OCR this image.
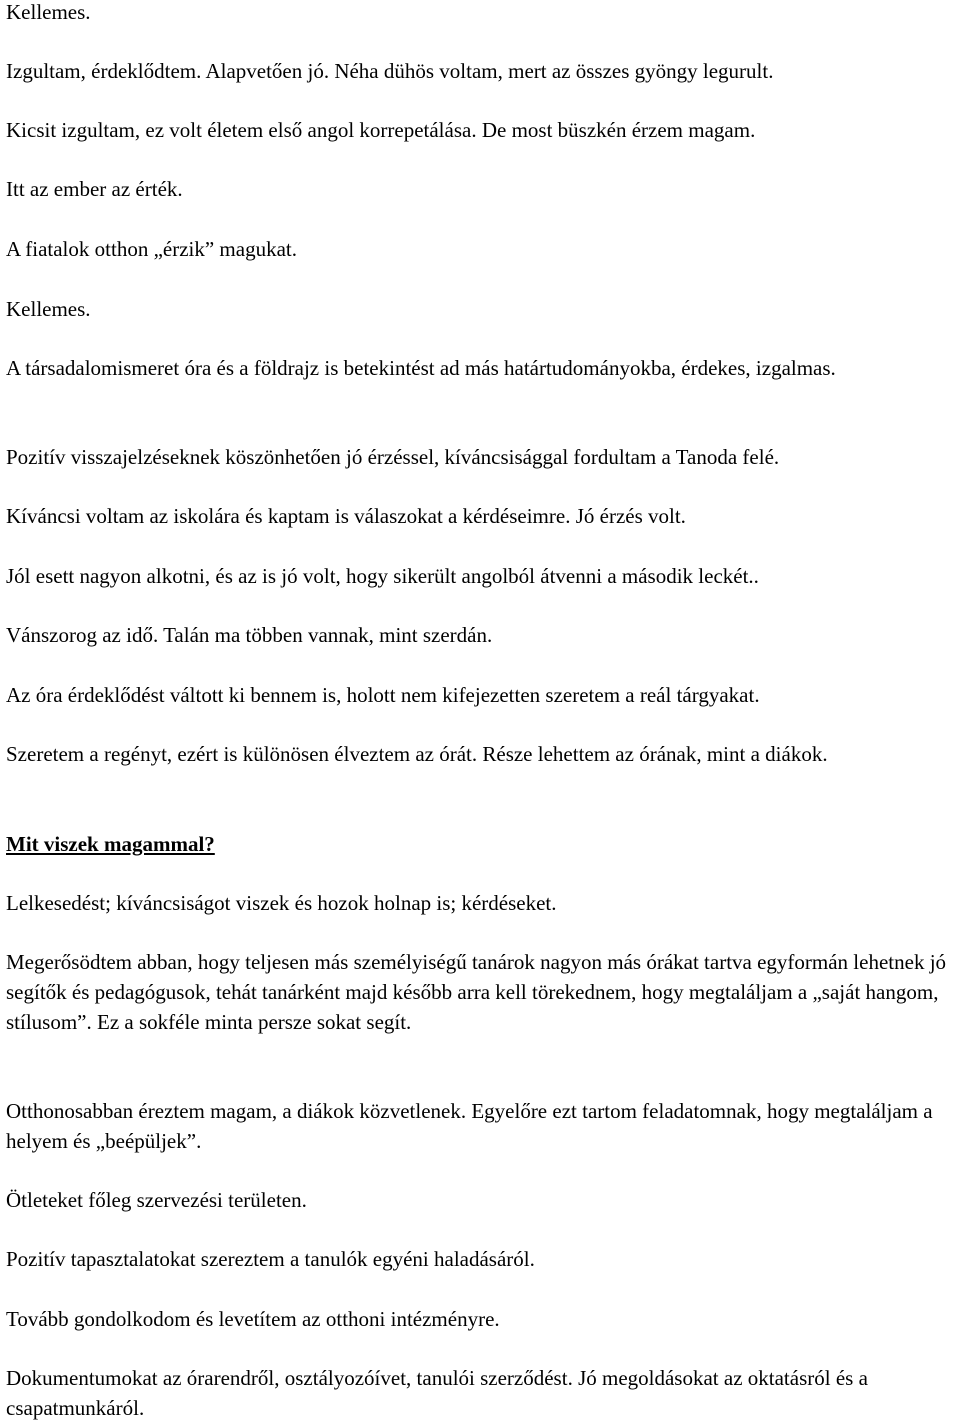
Kellemes.

Izgultam, érdeklődtem. Alapvetően jó. Néha dühös voltam, mert az összes gyöngy legurult.

Kicsit izgultam, ez volt életem első angol korrepetálása. De most büszkén érzem magam.

Itt az ember az érték.

A fiatalok otthon „érzik” magukat.

Kellemes.

A társadalomismeret óra és a földrajz is betekintést ad más határtudományokba, érdekes, izgalmas.

Pozitív visszajelzéseknek köszönhetően jó érzéssel, kíváncsisággal fordultam a Tanoda felé.

Kíváncsi voltam az iskolára és kaptam is válaszokat a kérdéseimre. Jó érzés volt.

Jól esett nagyon alkotni, és az is jó volt, hogy sikerült angolból átvenni a második leckét..

Vánszorog az idő. Talán ma többen vannak, mint szerdán.

Az óra érdeklődést váltott ki bennem is, holott nem kifejezetten szeretem a reál tárgyakat.

Szeretem a regényt, ezért is különösen élveztem az órát. Része lehettem az órának, mint a diákok.

Mit viszek magammal?

Lelkesedést; kíváncsiságot viszek és hozok holnap is; kérdéseket.

Megerősödtem abban, hogy teljesen más személyiségű tanárok nagyon más órákat tartva egyformán lehetnek jó segítők és pedagógusok, tehát tanárként majd később arra kell törekednem, hogy megtaláljam a „saját hangom, stílusom”. Ez a sokféle minta persze sokat segít.

Otthonosabban éreztem magam, a diákok közvetlenek. Egyelőre ezt tartom feladatomnak, hogy megtaláljam a helyem és „beépüljek”.

Ötleteket főleg szervezési területen.

Pozitív tapasztalatokat szereztem a tanulók egyéni haladásáról.

Tovább gondolkodom és levetítem az otthoni intézményre.

Dokumentumokat az órarendről, osztályozóívet, tanulói szerződést. Jó megoldásokat az oktatásról és a csapatmunkáról.
